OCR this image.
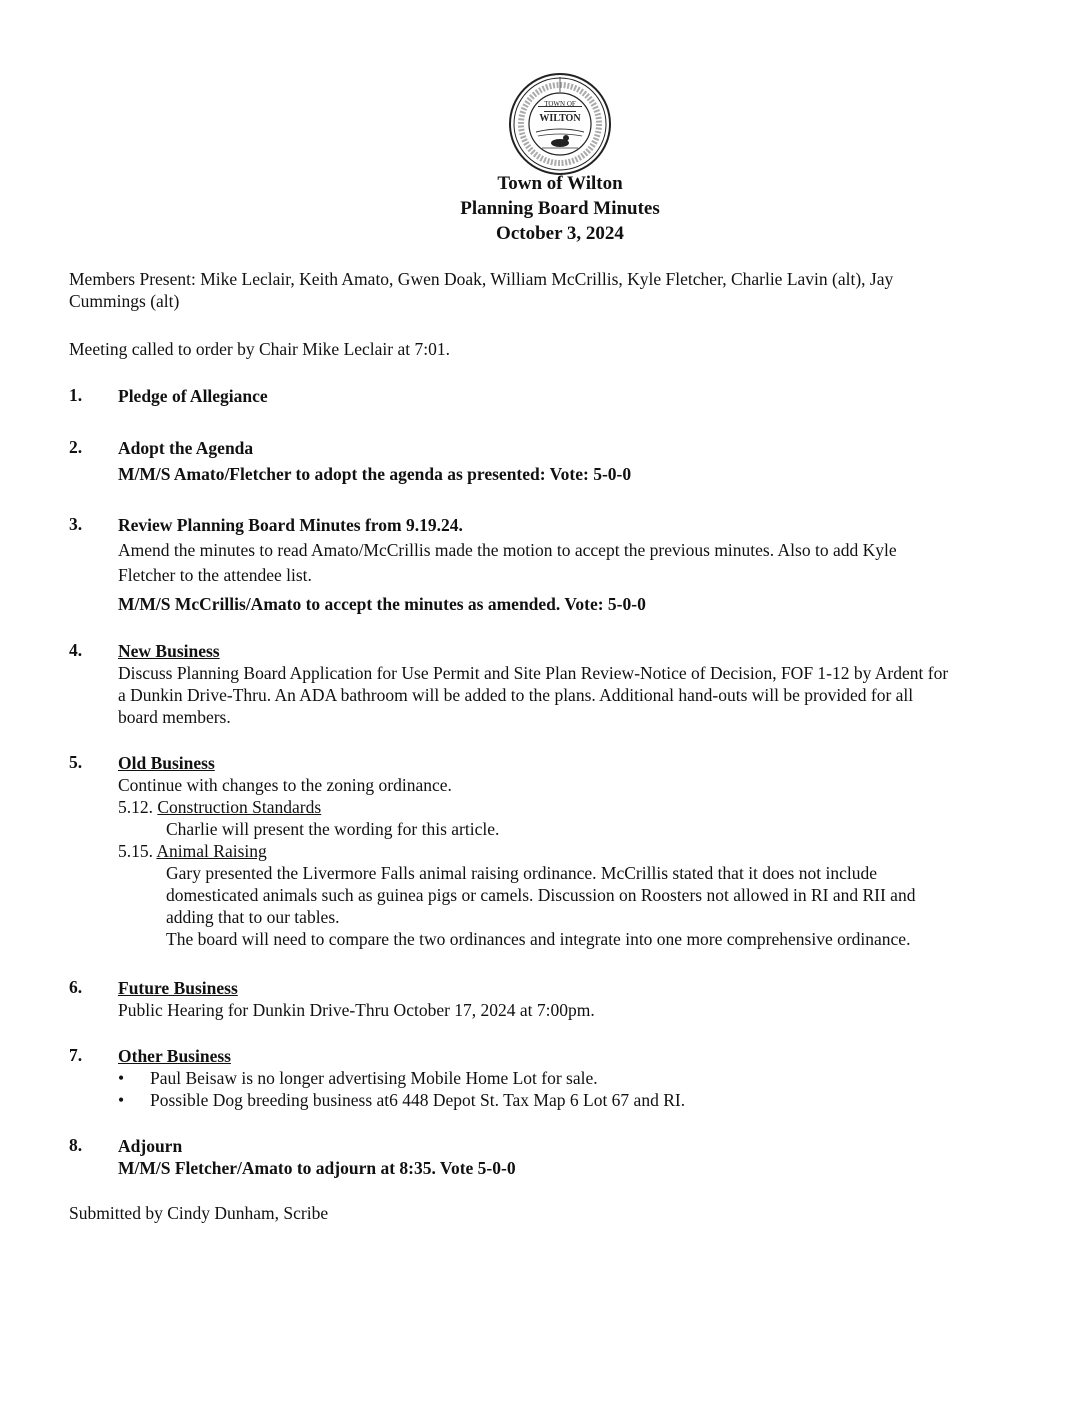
TOWN OF
WILTON
Town of Wilton
Planning Board Minutes
October 3, 2024
Members Present: Mike Leclair, Keith Amato, Gwen Doak, William McCrillis, Kyle Fletcher, Charlie Lavin (alt), Jay
Cummings (alt)
Meeting called to order by Chair Mike Leclair at 7:01.
1. Pledge of Allegiance
2. Adopt the Agenda
M/M/S Amato/Fletcher to adopt the agenda as presented: Vote: 5-0-0
3. Review Planning Board Minutes from 9.19.24.
Amend the minutes to read Amato/McCrillis made the motion to accept the previous minutes. Also to add Kyle
Fletcher to the attendee list.
M/M/S McCrillis/Amato to accept the minutes as amended. Vote: 5-0-0
4. New Business
Discuss Planning Board Application for Use Permit and Site Plan Review-Notice of Decision, FOF 1-12 by Ardent for
a Dunkin Drive-Thru. An ADA bathroom will be added to the plans. Additional hand-outs will be provided for all
board members.
5. Old Business
Continue with changes to the zoning ordinance.
5.12. Construction Standards
Charlie will present the wording for this article.
5.15. Animal Raising
Gary presented the Livermore Falls animal raising ordinance. McCrillis stated that it does not include
domesticated animals such as guinea pigs or camels. Discussion on Roosters not allowed in RI and RII and
adding that to our tables.
The board will need to compare the two ordinances and integrate into one more comprehensive ordinance.
6. Future Business
Public Hearing for Dunkin Drive-Thru October 17, 2024 at 7:00pm.
7. Other Business
• Paul Beisaw is no longer advertising Mobile Home Lot for sale.
• Possible Dog breeding business at6 448 Depot St. Tax Map 6 Lot 67 and RI.
8. Adjourn
M/M/S Fletcher/Amato to adjourn at 8:35. Vote 5-0-0
Submitted by Cindy Dunham, Scribe
